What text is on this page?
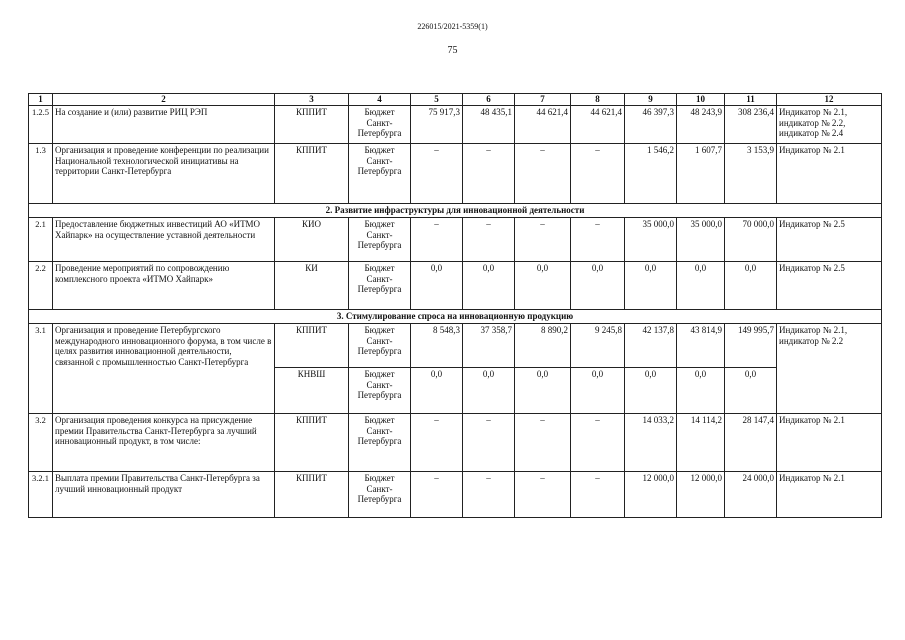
226015/2021-5359(1)
75
1	2	3	4	5	6	7	8	9	10	11	12
1.2.5	На создание и (или) развитие РИЦ РЭП	КППИТ	Бюджет Санкт-Петербурга	75 917,3	48 435,1	44 621,4	44 621,4	46 397,3	48 243,9	308 236,4	Индикатор № 2.1, индикатор № 2.2, индикатор № 2.4
1.3	Организация и проведение конференции по реализации Национальной технологической инициативы на территории Санкт-Петербурга	КППИТ	Бюджет Санкт-Петербурга	–	–	–	–	1 546,2	1 607,7	3 153,9	Индикатор № 2.1
2. Развитие инфраструктуры для инновационной деятельности											
2.1	Предоставление бюджетных инвестиций АО «ИТМО Хайпарк» на осуществление уставной деятельности	КИО	Бюджет Санкт-Петербурга	–	–	–	–	35 000,0	35 000,0	70 000,0	Индикатор № 2.5
2.2	Проведение мероприятий по сопровождению комплексного проекта «ИТМО Хайпарк»	КИ	Бюджет Санкт-Петербурга	0,0	0,0	0,0	0,0	0,0	0,0	0,0	Индикатор № 2.5
3. Стимулирование спроса на инновационную продукцию											
3.1	Организация и проведение Петербургского международного инновационного форума, в том числе в целях развития инновационной деятельности, связанной с промышленностью Санкт-Петербурга	КППИТ	Бюджет Санкт-Петербурга	8 548,3	37 358,7	8 890,2	9 245,8	42 137,8	43 814,9	149 995,7	Индикатор № 2.1, индикатор № 2.2
		КНВШ	Бюджет Санкт-Петербурга	0,0	0,0	0,0	0,0	0,0	0,0	0,0	
3.2	Организация проведения конкурса на присуждение премии Правительства Санкт-Петербурга за лучший инновационный продукт, в том числе:	КППИТ	Бюджет Санкт-Петербурга	–	–	–	–	14 033,2	14 114,2	28 147,4	Индикатор № 2.1
3.2.1	Выплата премии Правительства Санкт-Петербурга за лучший инновационный продукт	КППИТ	Бюджет Санкт-Петербурга	–	–	–	–	12 000,0	12 000,0	24 000,0	Индикатор № 2.1
